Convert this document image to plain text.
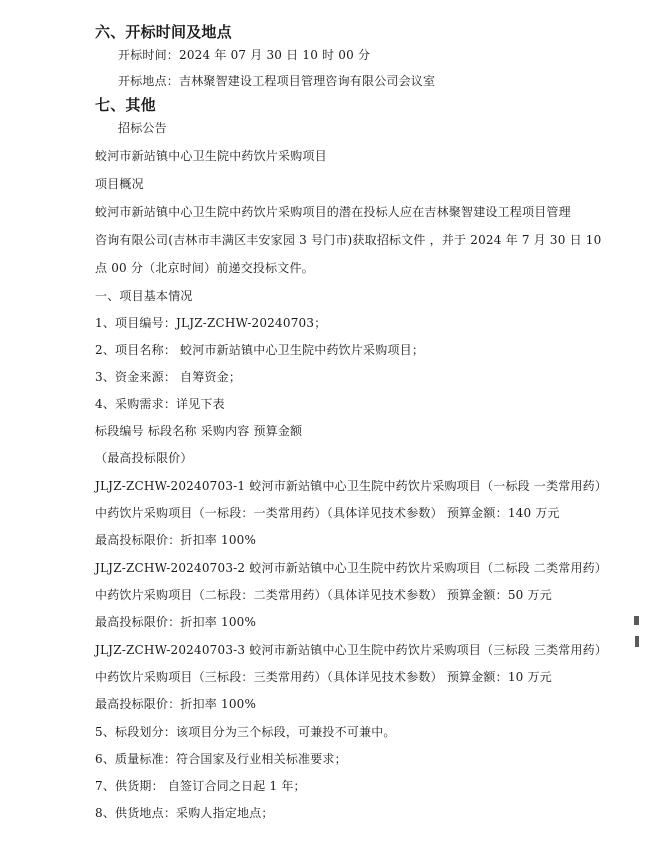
六、开标时间及地点
开标时间：2024 年 07 月 30 日 10 时 00 分
开标地点：吉林聚智建设工程项目管理咨询有限公司会议室
七、其他
招标公告
蛟河市新站镇中心卫生院中药饮片采购项目
项目概况
蛟河市新站镇中心卫生院中药饮片采购项目的潜在投标人应在吉林聚智建设工程项目管理
咨询有限公司(吉林市丰满区丰安家园 3 号门市)获取招标文件 ，并于 2024 年 7 月 30 日 10
点 00 分（北京时间）前递交投标文件。
一、项目基本情况
1、项目编号：JLJZ-ZCHW-20240703；
2、项目名称： 蛟河市新站镇中心卫生院中药饮片采购项目；
3、资金来源： 自筹资金；
4、采购需求：详见下表
标段编号 标段名称 采购内容 预算金额
（最高投标限价）
JLJZ-ZCHW-20240703-1 蛟河市新站镇中心卫生院中药饮片采购项目（一标段 一类常用药）
中药饮片采购项目（一标段：一类常用药）（具体详见技术参数） 预算金额：140 万元
最高投标限价：折扣率 100%
JLJZ-ZCHW-20240703-2 蛟河市新站镇中心卫生院中药饮片采购项目（二标段 二类常用药）
中药饮片采购项目（二标段：二类常用药）（具体详见技术参数） 预算金额：50 万元
最高投标限价：折扣率 100%
JLJZ-ZCHW-20240703-3 蛟河市新站镇中心卫生院中药饮片采购项目（三标段 三类常用药）
中药饮片采购项目（三标段：三类常用药）（具体详见技术参数） 预算金额：10 万元
最高投标限价：折扣率 100%
5、标段划分：该项目分为三个标段，可兼投不可兼中。
6、质量标准：符合国家及行业相关标准要求；
7、供货期： 自签订合同之日起 1 年；
8、供货地点：采购人指定地点；
